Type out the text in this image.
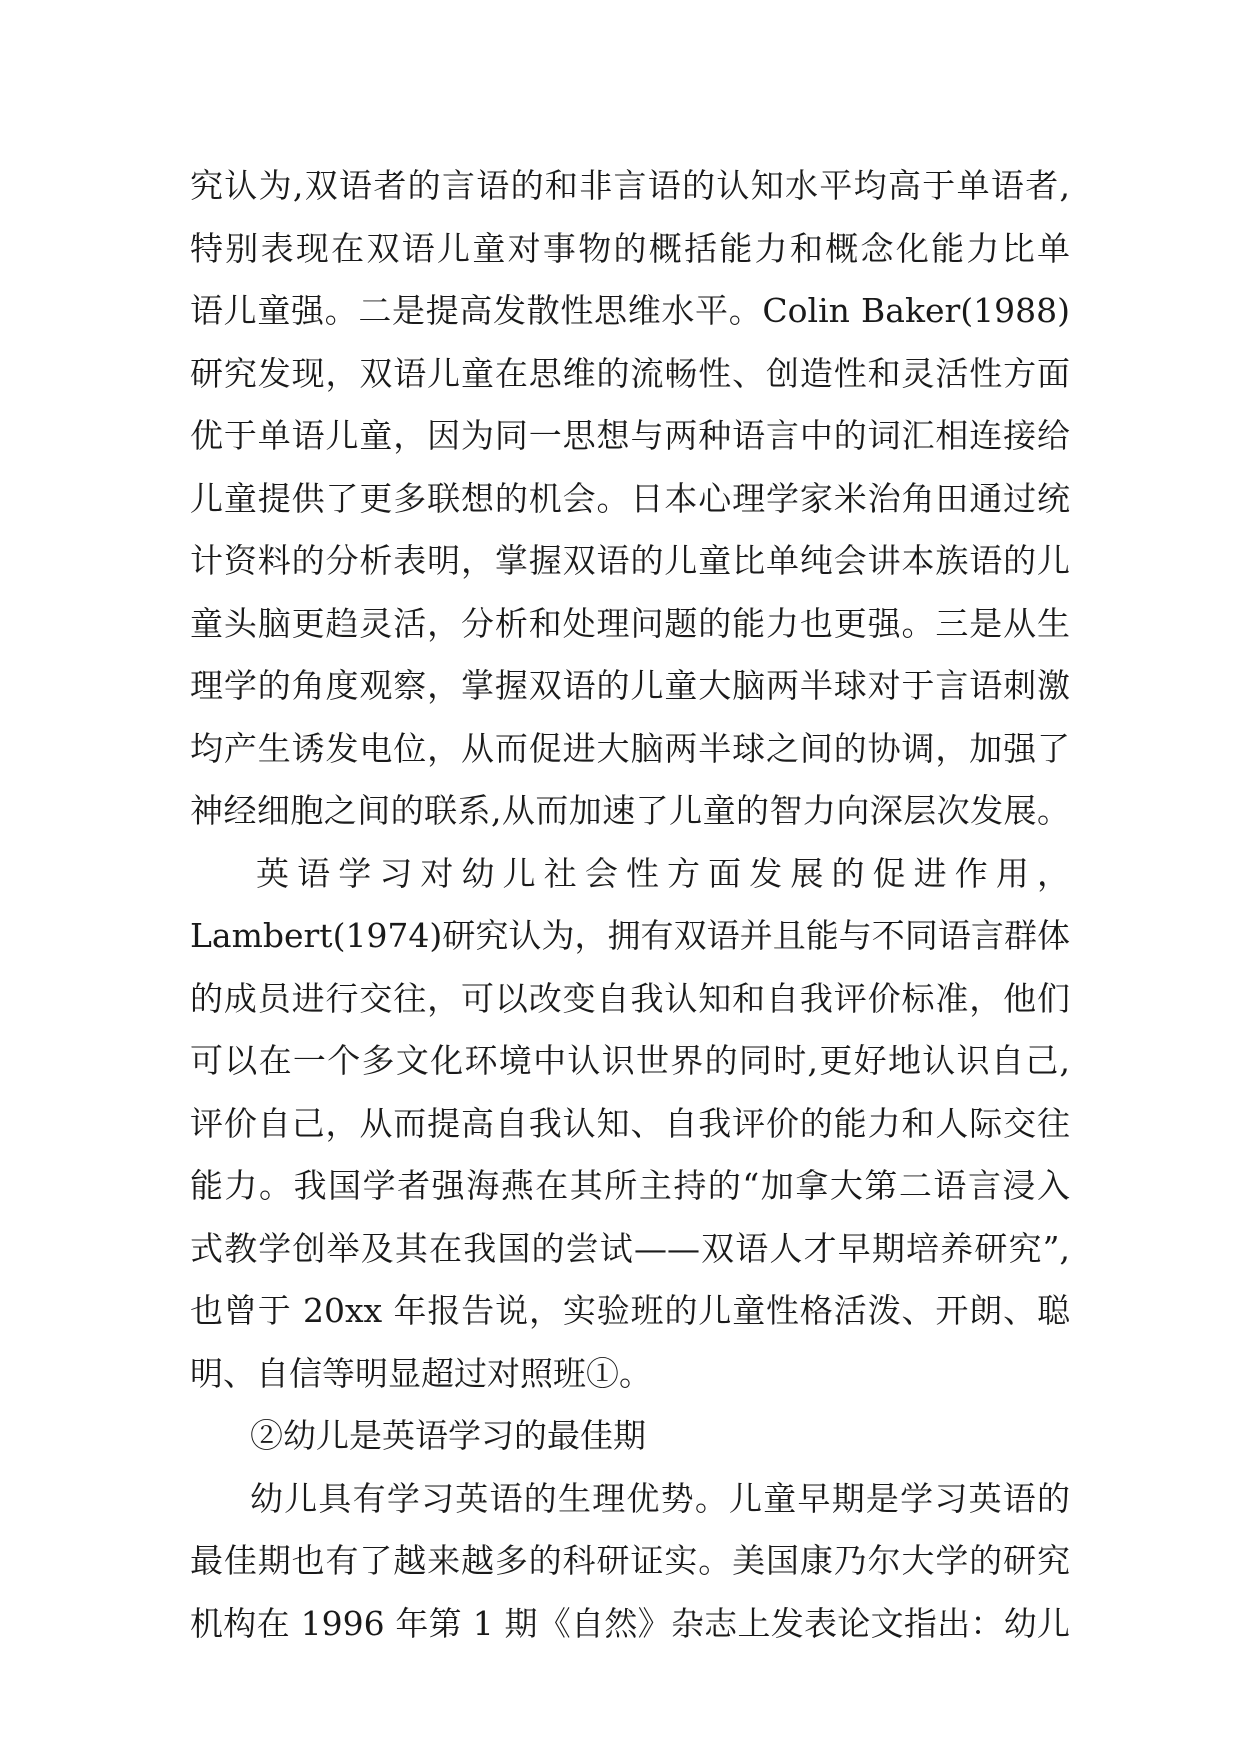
究认为,双语者的言语的和非言语的认知水平均高于单语者,
特别表现在双语儿童对事物的概括能力和概念化能力比单
语儿童强。二是提高发散性思维水平。Colin Baker(1988)
研究发现，双语儿童在思维的流畅性、创造性和灵活性方面
优于单语儿童，因为同一思想与两种语言中的词汇相连接给
儿童提供了更多联想的机会。日本心理学家米治角田通过统
计资料的分析表明，掌握双语的儿童比单纯会讲本族语的儿
童头脑更趋灵活，分析和处理问题的能力也更强。三是从生
理学的角度观察，掌握双语的儿童大脑两半球对于言语刺激
均产生诱发电位，从而促进大脑两半球之间的协调，加强了
神经细胞之间的联系,从而加速了儿童的智力向深层次发展。
英语学习对幼儿社会性方面发展的促进作用，
Lambert(1974)研究认为，拥有双语并且能与不同语言群体
的成员进行交往，可以改变自我认知和自我评价标准，他们
可以在一个多文化环境中认识世界的同时,更好地认识自己,
评价自己，从而提高自我认知、自我评价的能力和人际交往
能力。我国学者强海燕在其所主持的“加拿大第二语言浸入
式教学创举及其在我国的尝试——双语人才早期培养研究”,
也曾于 20xx 年报告说，实验班的儿童性格活泼、开朗、聪
明、自信等明显超过对照班①。
②幼儿是英语学习的最佳期
幼儿具有学习英语的生理优势。儿童早期是学习英语的
最佳期也有了越来越多的科研证实。美国康乃尔大学的研究
机构在 1996 年第 1 期《自然》杂志上发表论文指出：幼儿
